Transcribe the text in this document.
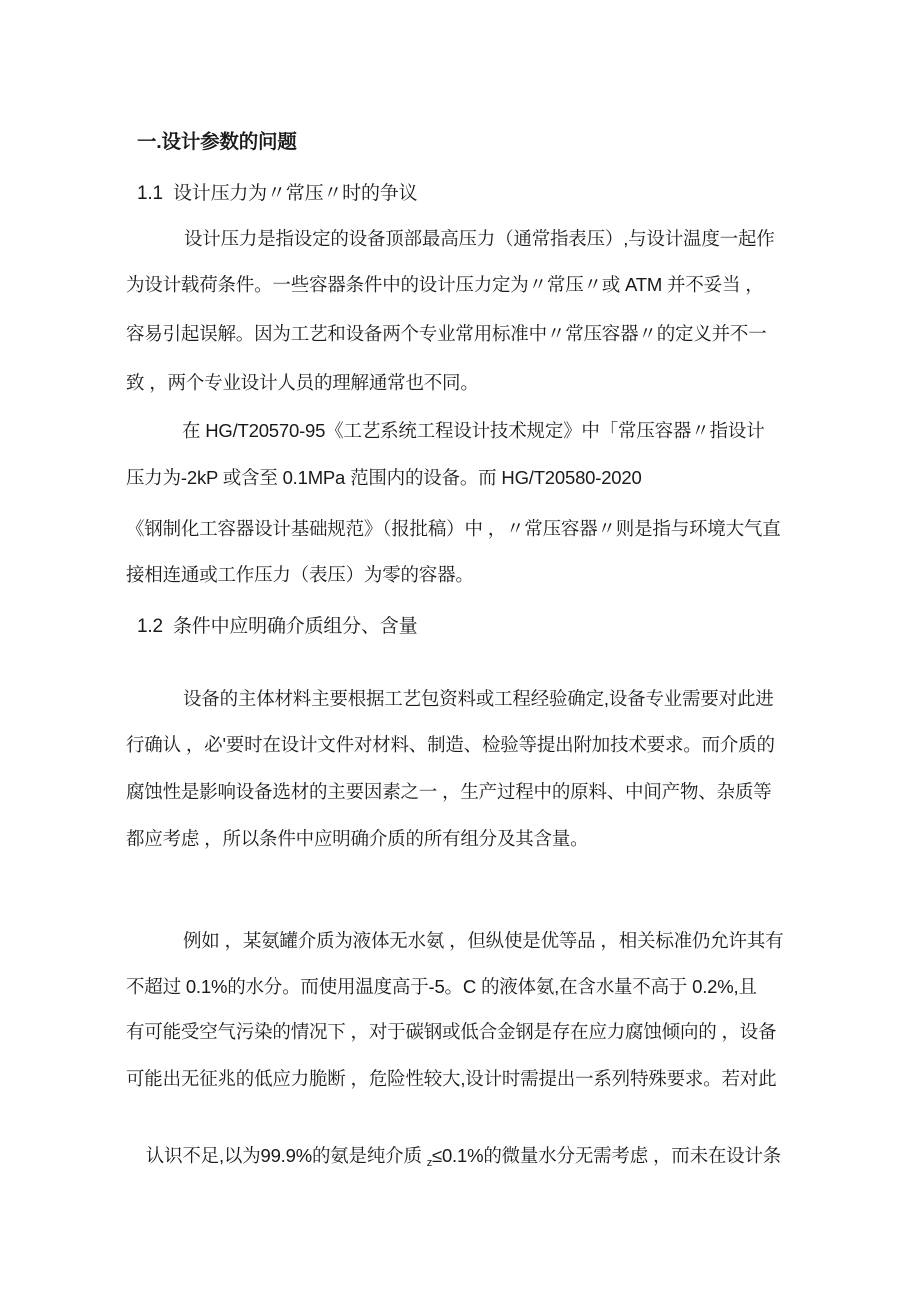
一.设计参数的问题
1.1  设计压力为〃常压〃时的争议
设计压力是指设定的设备顶部最高压力（通常指表压）,与设计温度一起作
为设计载荷条件。一些容器条件中的设计压力定为〃常压〃或 ATM 并不妥当 ，
容易引起误解。因为工艺和设备两个专业常用标准中〃常压容器〃的定义并不一
致 ，两个专业设计人员的理解通常也不同。
在 HG/T20570-95《工艺系统工程设计技术规定》中「常压容器〃指设计
压力为-2kP 或含至 0.1MPa 范围内的设备。而 HG/T20580-2020
《钢制化工容器设计基础规范》（报批稿）中 ，〃常压容器〃则是指与环境大气直
接相连通或工作压力（表压）为零的容器。
1.2  条件中应明确介质组分、含量
设备的主体材料主要根据工艺包资料或工程经验确定,设备专业需要对此进
行确认 ，必'要时在设计文件对材料、制造、检验等提出附加技术要求。而介质的
腐蚀性是影响设备选材的主要因素之一 ，生产过程中的原料、中间产物、杂质等
都应考虑 ，所以条件中应明确介质的所有组分及其含量。
例如 ，某氨罐介质为液体无水氨 ，但纵使是优等品 ，相关标准仍允许其有
不超过 0.1%的水分。而使用温度高于-5。C 的液体氨,在含水量不高于 0.2%,且
有可能受空气污染的情况下 ，对于碳钢或低合金钢是存在应力腐蚀倾向的 ，设备
可能出无征兆的低应力脆断 ，危险性较大,设计时需提出一系列特殊要求。若对此

认识不足,以为99.9%的氨是纯介质 $_z$≤0.1%的微量水分无需考虑 ，而未在设计条
